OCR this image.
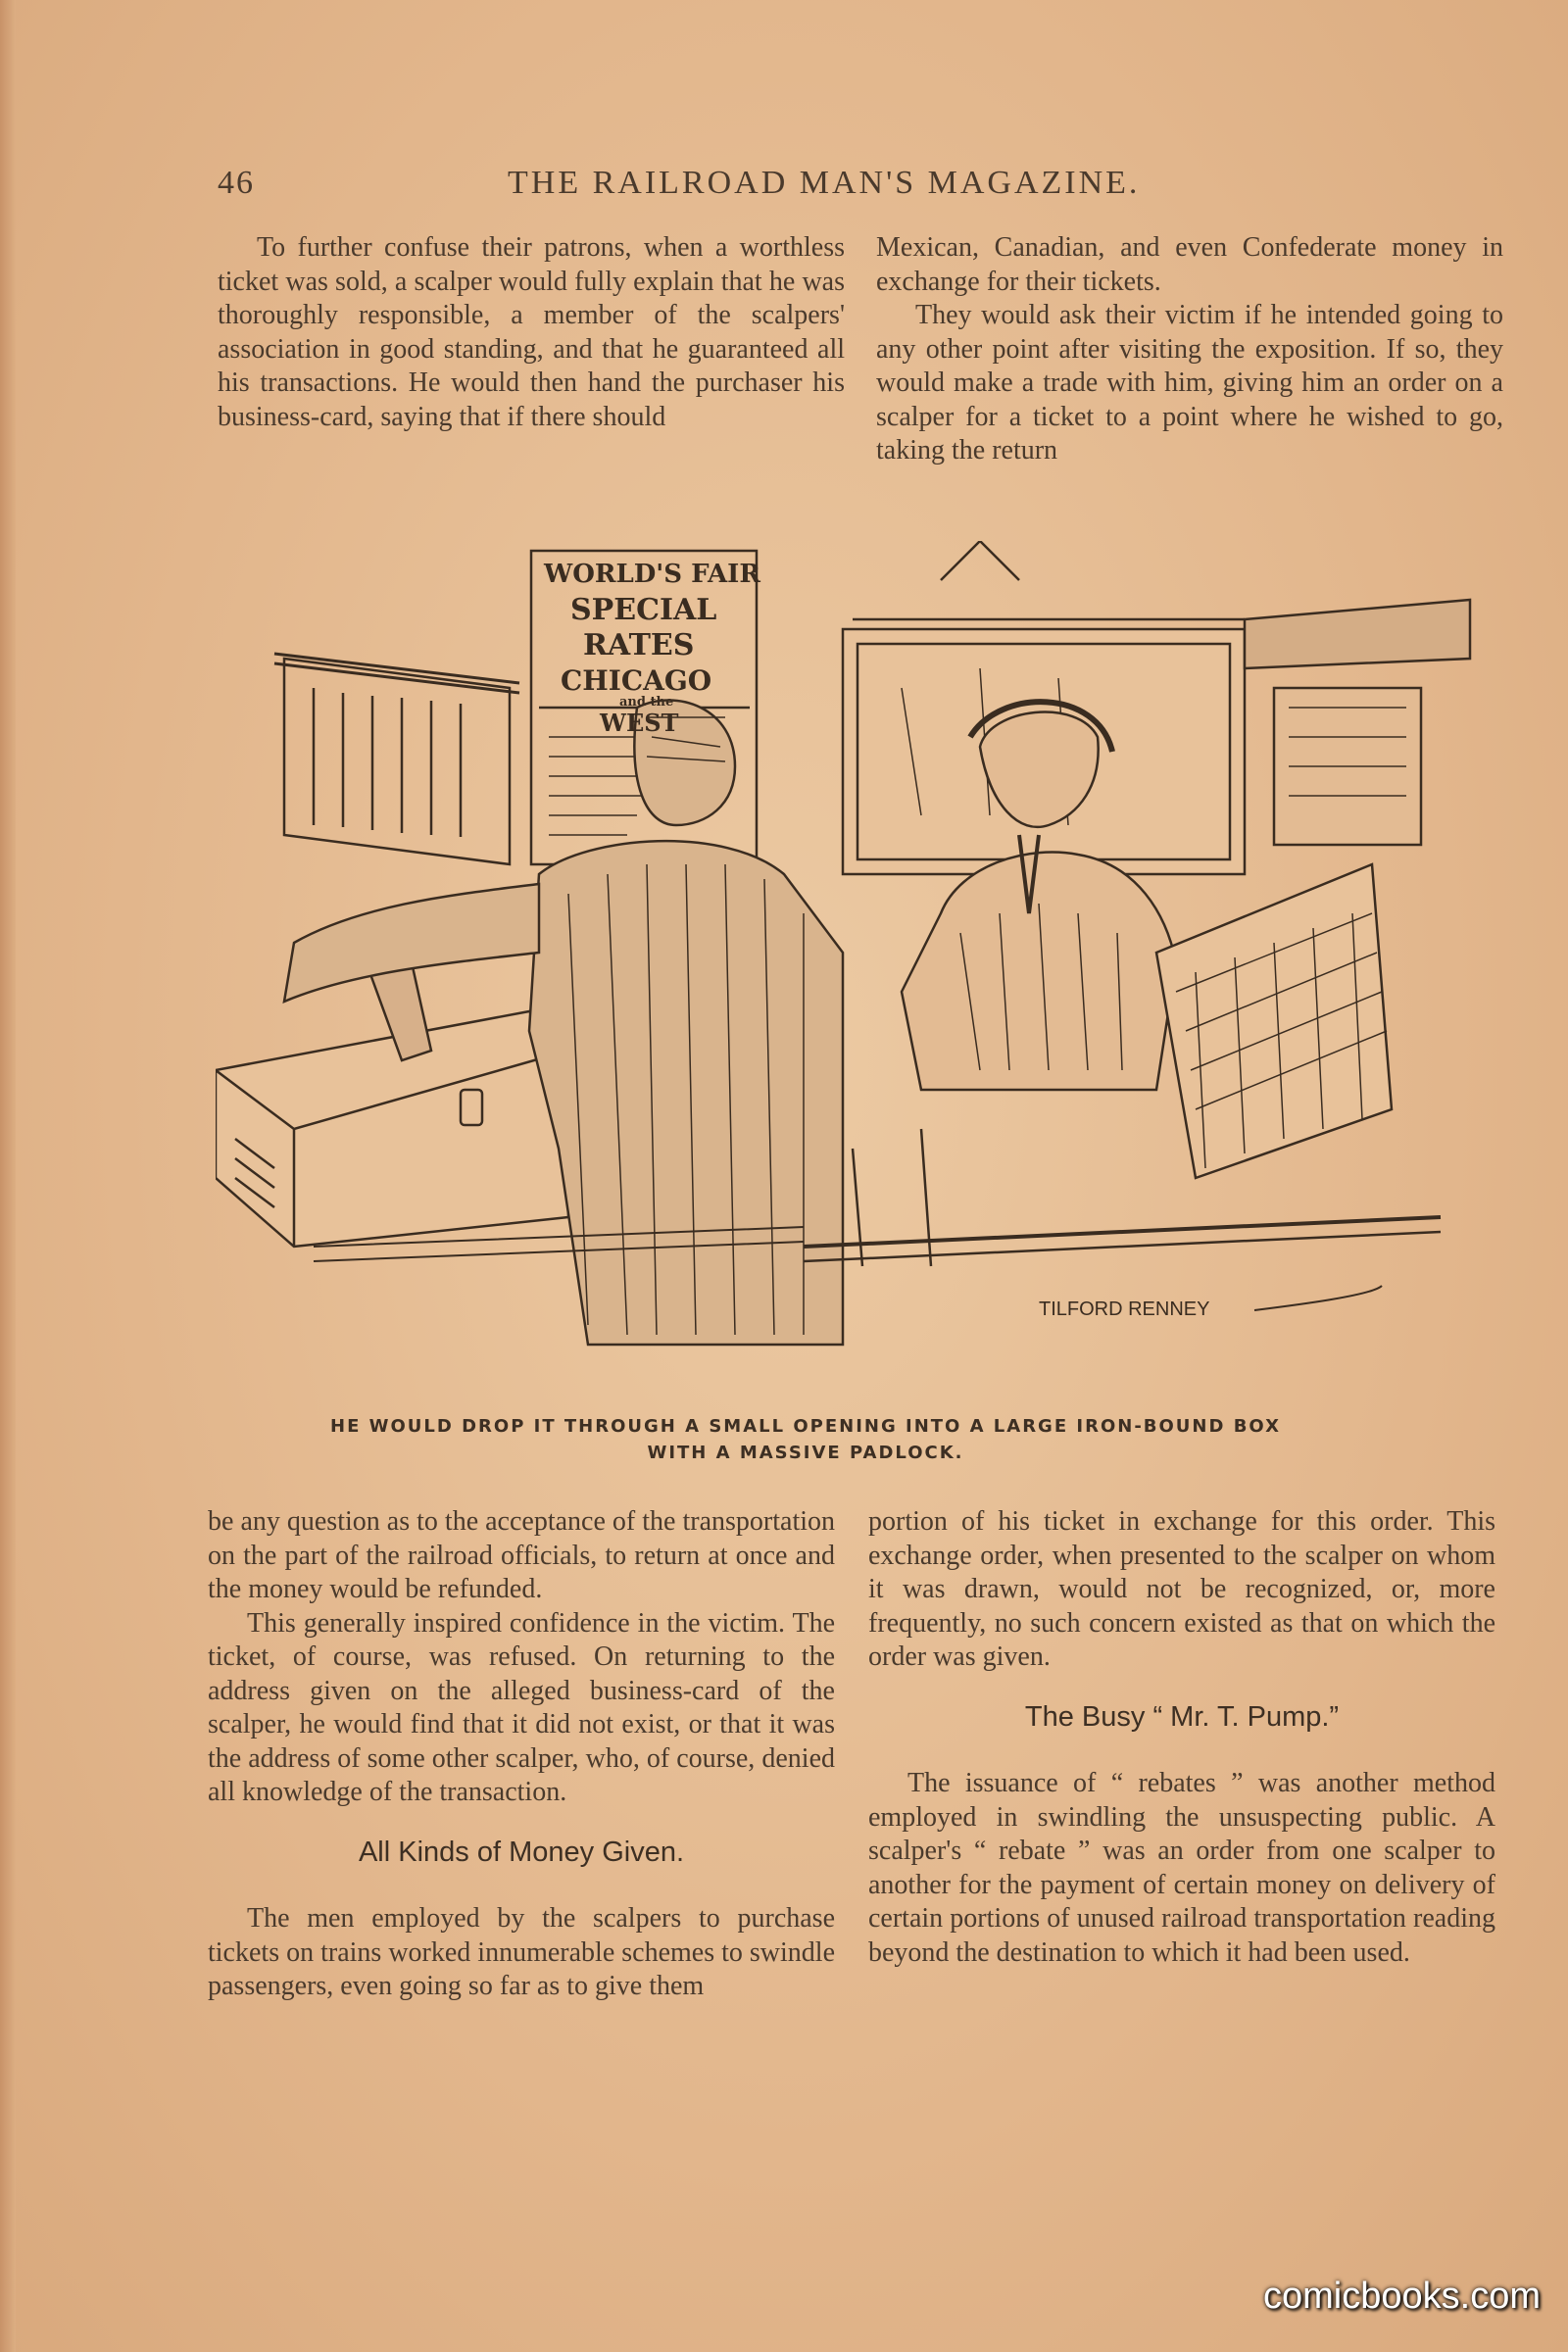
46	THE RAILROAD MAN'S MAGAZINE.

To further confuse their patrons, when a worthless ticket was sold, a scalper would fully explain that he was thoroughly responsible, a member of the scalpers' association in good standing, and that he guaranteed all his transactions. He would then hand the purchaser his business-card, saying that if there should

Mexican, Canadian, and even Confederate money in exchange for their tickets.

They would ask their victim if he intended going to any other point after visiting the exposition. If so, they would make a trade with him, giving him an order on a scalper for a ticket to a point where he wished to go, taking the return

WORLD'S FAIR
SPECIAL
RATES
CHICAGO
and the
WEST
TILFORD RENNEY
HE WOULD DROP IT THROUGH A SMALL OPENING INTO A LARGE IRON-BOUND BOX
WITH A MASSIVE PADLOCK.

be any question as to the acceptance of the transportation on the part of the railroad officials, to return at once and the money would be refunded.

This generally inspired confidence in the victim. The ticket, of course, was refused. On returning to the address given on the alleged business-card of the scalper, he would find that it did not exist, or that it was the address of some other scalper, who, of course, denied all knowledge of the transaction.

All Kinds of Money Given.

The men employed by the scalpers to purchase tickets on trains worked innumerable schemes to swindle passengers, even going so far as to give them

portion of his ticket in exchange for this order. This exchange order, when presented to the scalper on whom it was drawn, would not be recognized, or, more frequently, no such concern existed as that on which the order was given.

The Busy “ Mr. T. Pump.”

The issuance of “ rebates ” was another method employed in swindling the unsuspecting public. A scalper's “ rebate ” was an order from one scalper to another for the payment of certain money on delivery of certain portions of unused railroad transportation reading beyond the destination to which it had been used.

comicbooks.com
